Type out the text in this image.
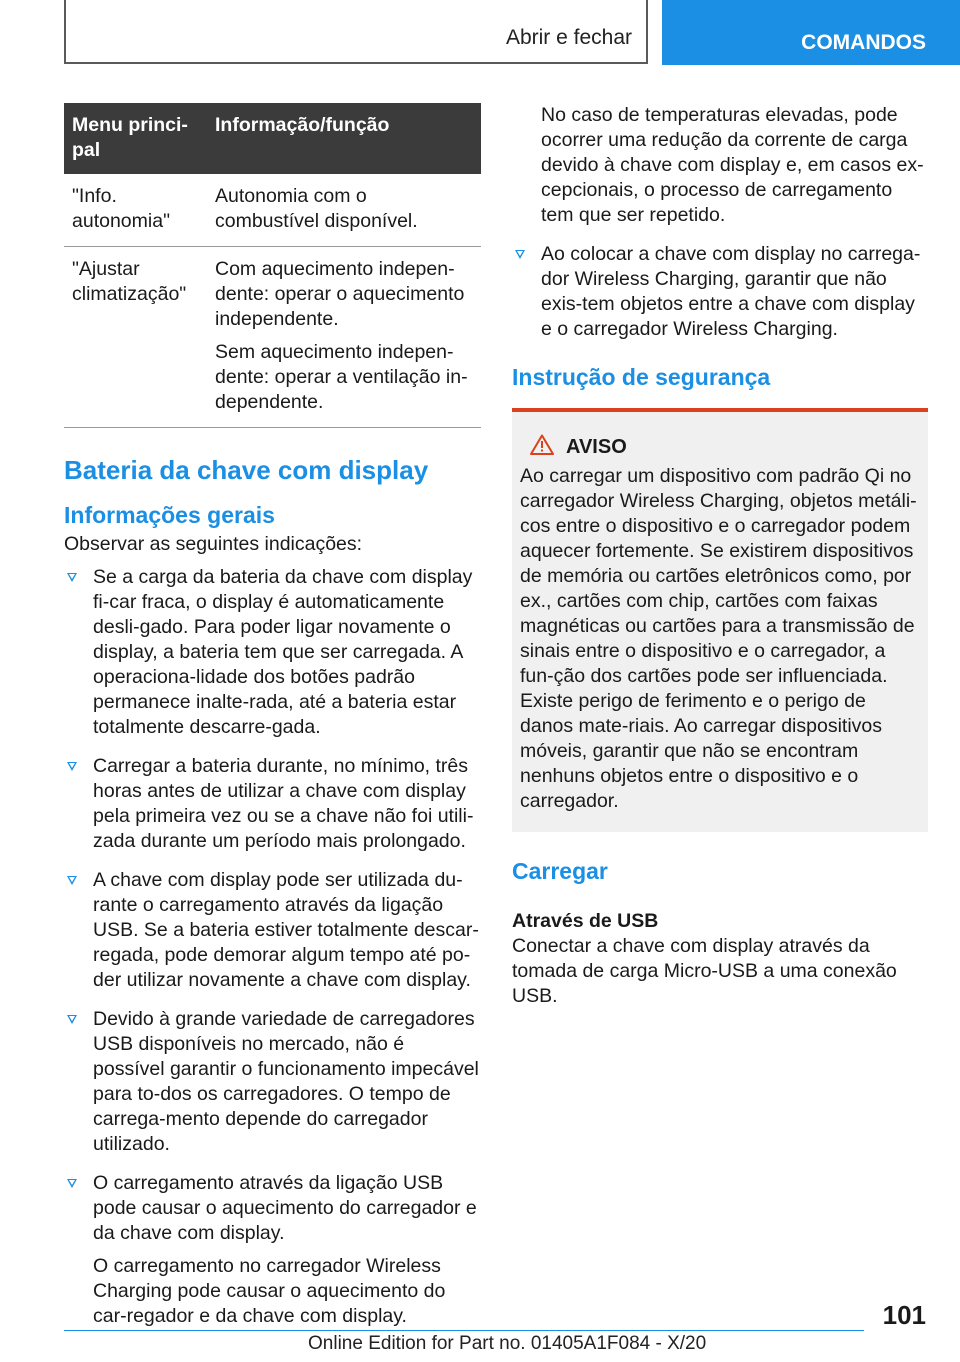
Abrir e fechar	COMANDOS
Menu princi-pal	Informação/função
"Info. autonomia"	Autonomia com o combustível disponível.

"Ajustar climatização"	Com aquecimento indepen-dente: operar o aquecimento independente.

Sem aquecimento indepen-dente: operar a ventilação in-dependente.

Bateria da chave com display
Informações gerais

Observar as seguintes indicações:

Se a carga da bateria da chave com display fi-car fraca, o display é automaticamente desli-gado. Para poder ligar novamente o display, a bateria tem que ser carregada. A operaciona-lidade dos botões padrão permanece inalte-rada, até a bateria estar totalmente descarre-gada.

Carregar a bateria durante, no mínimo, três horas antes de utilizar a chave com display pela primeira vez ou se a chave não foi utili-zada durante um período mais prolongado.

A chave com display pode ser utilizada du-rante o carregamento através da ligação USB. Se a bateria estiver totalmente descar-regada, pode demorar algum tempo até po-der utilizar novamente a chave com display.

Devido à grande variedade de carregadores USB disponíveis no mercado, não é possível garantir o funcionamento impecável para to-dos os carregadores. O tempo de carrega-mento depende do carregador utilizado.

O carregamento através da ligação USB pode causar o aquecimento do carregador e da chave com display.

O carregamento no carregador Wireless Charging pode causar o aquecimento do car-regador e da chave com display.

No caso de temperaturas elevadas, pode ocorrer uma redução da corrente de carga devido à chave com display e, em casos ex-cepcionais, o processo de carregamento tem que ser repetido.

Ao colocar a chave com display no carrega-dor Wireless Charging, garantir que não exis-tem objetos entre a chave com display e o carregador Wireless Charging.

Instrução de segurança
AVISO

Ao carregar um dispositivo com padrão Qi no carregador Wireless Charging, objetos metáli-cos entre o dispositivo e o carregador podem aquecer fortemente. Se existirem dispositivos de memória ou cartões eletrônicos como, por ex., cartões com chip, cartões com faixas magnéticas ou cartões para a transmissão de sinais entre o dispositivo e o carregador, a fun-ção dos cartões pode ser influenciada. Existe perigo de ferimento e o perigo de danos mate-riais. Ao carregar dispositivos móveis, garantir que não se encontram nenhuns objetos entre o dispositivo e o carregador.

Carregar
Através de USB

Conectar a chave com display através da tomada de carga Micro-USB a uma conexão USB.

101
Online Edition for Part no. 01405A1F084 - X/20
